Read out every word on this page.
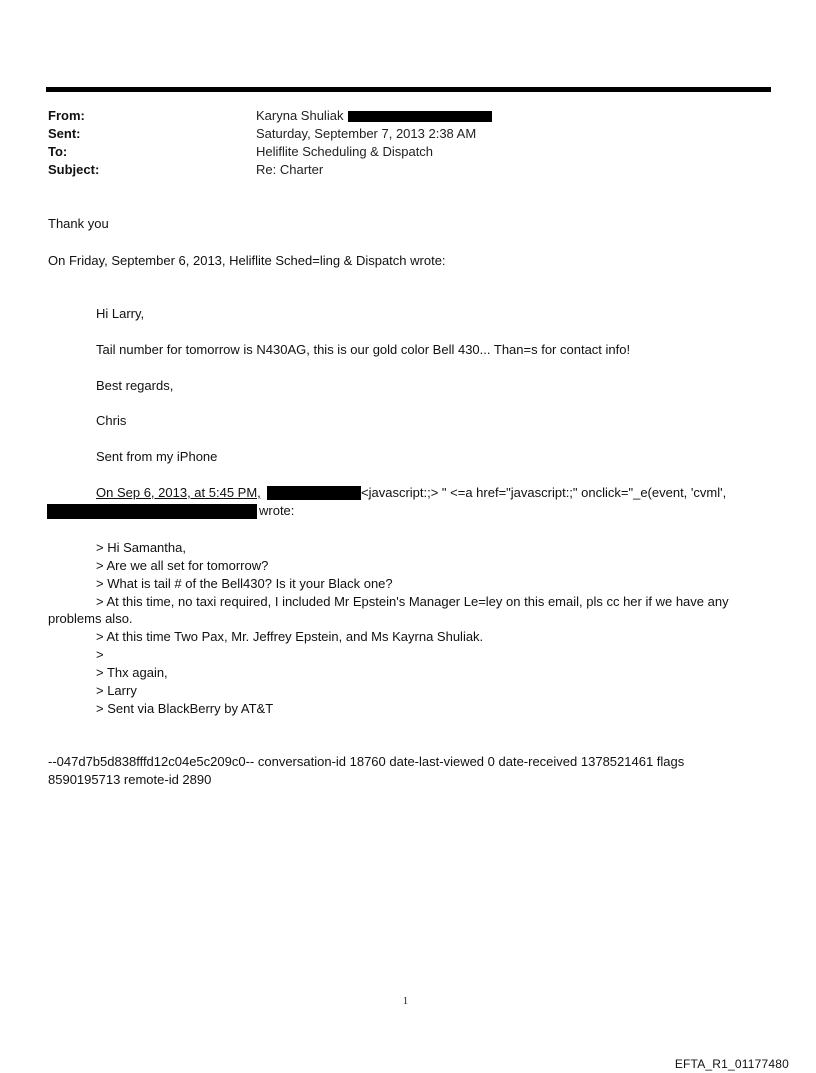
From:	Karyna Shuliak
Sent:	Saturday, September 7, 2013 2:38 AM
To:	Heliflite Scheduling & Dispatch
Subject:	Re: Charter
Thank you
On Friday, September 6, 2013, Heliflite Sched=ling & Dispatch wrote:
Hi Larry,
Tail number for tomorrow is N430AG, this is our gold color Bell 430... Than=s for contact info!
Best regards,
Chris
Sent from my iPhone
On Sep 6, 2013, at 5:45 PM,	<javascript:;> " <=a href="javascript:;" onclick="_e(event, 'cvml',
wrote:
> Hi Samantha,
> Are we all set for tomorrow?
> What is tail # of the Bell430? Is it your Black one?
> At this time, no taxi required, I included Mr Epstein's Manager Le=ley on this email, pls cc her if we have any
problems also.
> At this time Two Pax, Mr. Jeffrey Epstein, and Ms Kayrna Shuliak.
>
> Thx again,
> Larry
> Sent via BlackBerry by AT&T
--047d7b5d838fffd12c04e5c209c0-- conversation-id 18760 date-last-viewed 0 date-received 1378521461 flags
8590195713 remote-id 2890
1
EFTA_R1_01177480
